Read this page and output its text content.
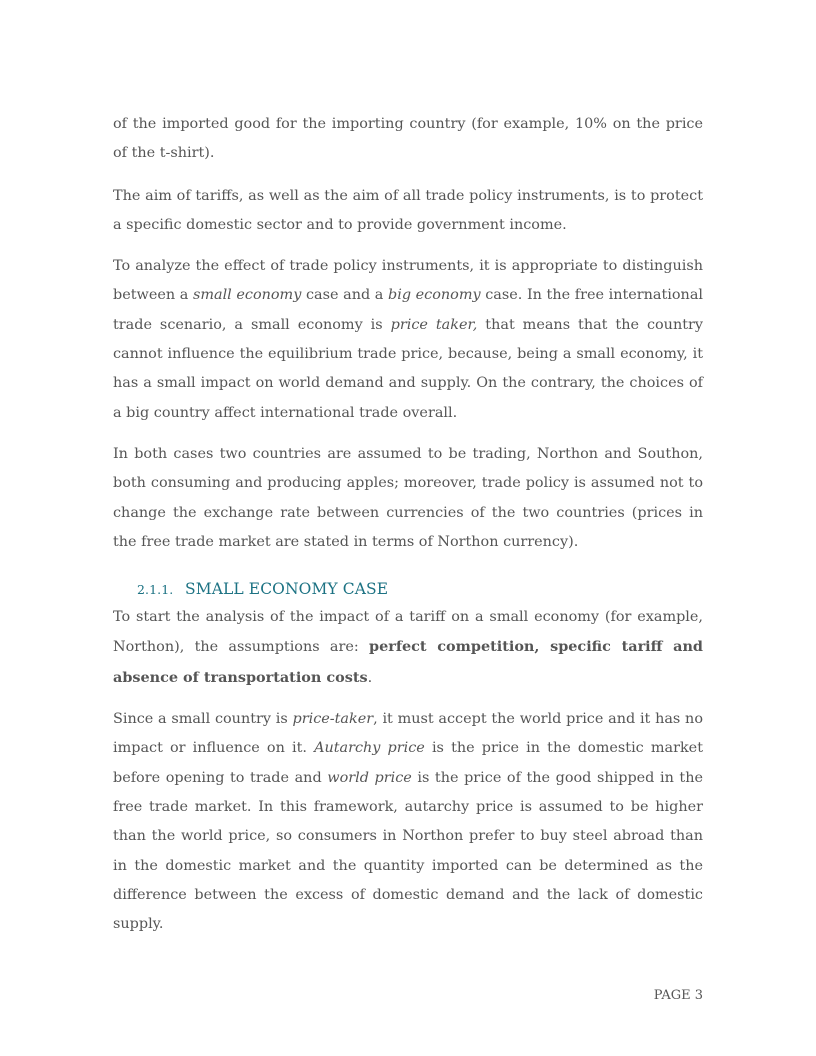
of the imported good for the importing country (for example, 10% on the price of the t-shirt).

The aim of tariffs, as well as the aim of all trade policy instruments, is to protect a specific domestic sector and to provide government income.

To analyze the effect of trade policy instruments, it is appropriate to distinguish between a small economy case and a big economy case. In the free international trade scenario, a small economy is price taker, that means that the country cannot influence the equilibrium trade price, because, being a small economy, it has a small impact on world demand and supply. On the contrary, the choices of a big country affect international trade overall.

In both cases two countries are assumed to be trading, Northon and Southon, both consuming and producing apples; moreover, trade policy is assumed not to change the exchange rate between currencies of the two countries (prices in the free trade market are stated in terms of Northon currency).

2.1.1. SMALL ECONOMY CASE

To start the analysis of the impact of a tariff on a small economy (for example, Northon), the assumptions are: perfect competition, specific tariff and absence of transportation costs.

Since a small country is price-taker, it must accept the world price and it has no impact or influence on it. Autarchy price is the price in the domestic market before opening to trade and world price is the price of the good shipped in the free trade market. In this framework, autarchy price is assumed to be higher than the world price, so consumers in Northon prefer to buy steel abroad than in the domestic market and the quantity imported can be determined as the difference between the excess of domestic demand and the lack of domestic supply.

PAGE 3
